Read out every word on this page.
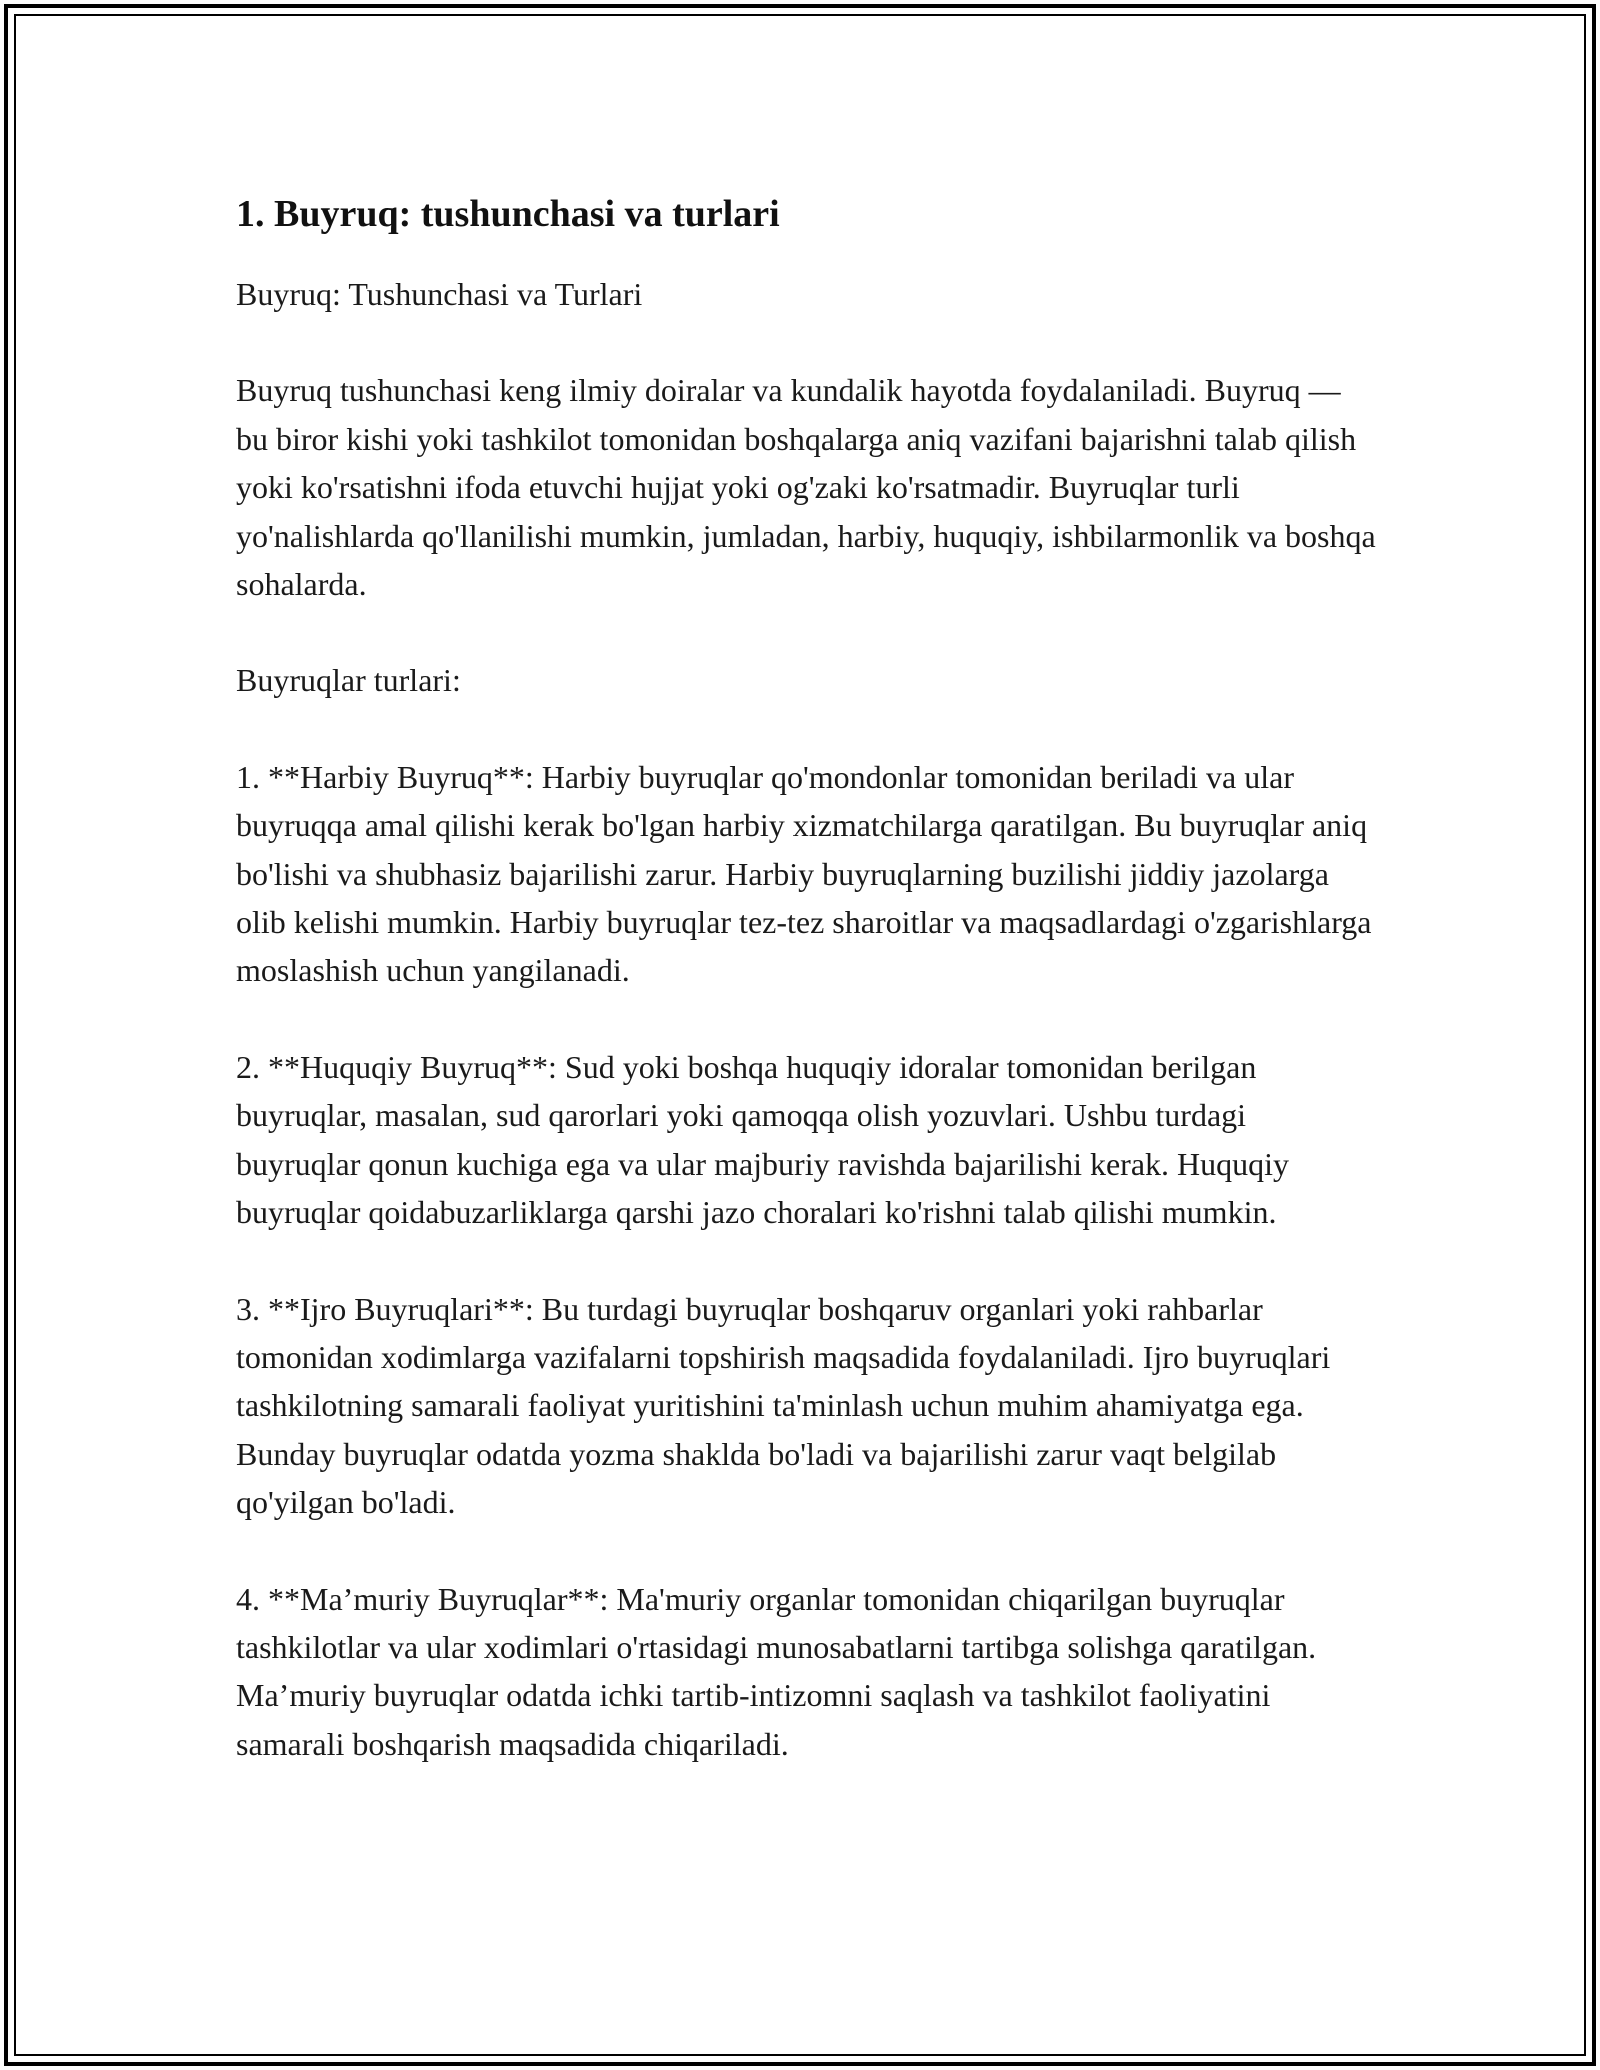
1. Buyruq: tushunchasi va turlari

Buyruq: Tushunchasi va Turlari

Buyruq tushunchasi keng ilmiy doiralar va kundalik hayotda foydalaniladi. Buyruq — bu biror kishi yoki tashkilot tomonidan boshqalarga aniq vazifani bajarishni talab qilish yoki ko'rsatishni ifoda etuvchi hujjat yoki og'zaki ko'rsatmadir. Buyruqlar turli yo'nalishlarda qo'llanilishi mumkin, jumladan, harbiy, huquqiy, ishbilarmonlik va boshqa sohalarda.

Buyruqlar turlari:

1. **Harbiy Buyruq**: Harbiy buyruqlar qo'mondonlar tomonidan beriladi va ular buyruqqa amal qilishi kerak bo'lgan harbiy xizmatchilarga qaratilgan. Bu buyruqlar aniq bo'lishi va shubhasiz bajarilishi zarur. Harbiy buyruqlarning buzilishi jiddiy jazolarga olib kelishi mumkin. Harbiy buyruqlar tez-tez sharoitlar va maqsadlardagi o'zgarishlarga moslashish uchun yangilanadi.

2. **Huquqiy Buyruq**: Sud yoki boshqa huquqiy idoralar tomonidan berilgan buyruqlar, masalan, sud qarorlari yoki qamoqqa olish yozuvlari. Ushbu turdagi buyruqlar qonun kuchiga ega va ular majburiy ravishda bajarilishi kerak. Huquqiy buyruqlar qoidabuzarliklarga qarshi jazo choralari ko'rishni talab qilishi mumkin.

3. **Ijro Buyruqlari**: Bu turdagi buyruqlar boshqaruv organlari yoki rahbarlar tomonidan xodimlarga vazifalarni topshirish maqsadida foydalaniladi. Ijro buyruqlari tashkilotning samarali faoliyat yuritishini ta'minlash uchun muhim ahamiyatga ega. Bunday buyruqlar odatda yozma shaklda bo'ladi va bajarilishi zarur vaqt belgilab qo'yilgan bo'ladi.

4. **Ma’muriy Buyruqlar**: Ma'muriy organlar tomonidan chiqarilgan buyruqlar tashkilotlar va ular xodimlari o'rtasidagi munosabatlarni tartibga solishga qaratilgan. Ma’muriy buyruqlar odatda ichki tartib-intizomni saqlash va tashkilot faoliyatini samarali boshqarish maqsadida chiqariladi.
